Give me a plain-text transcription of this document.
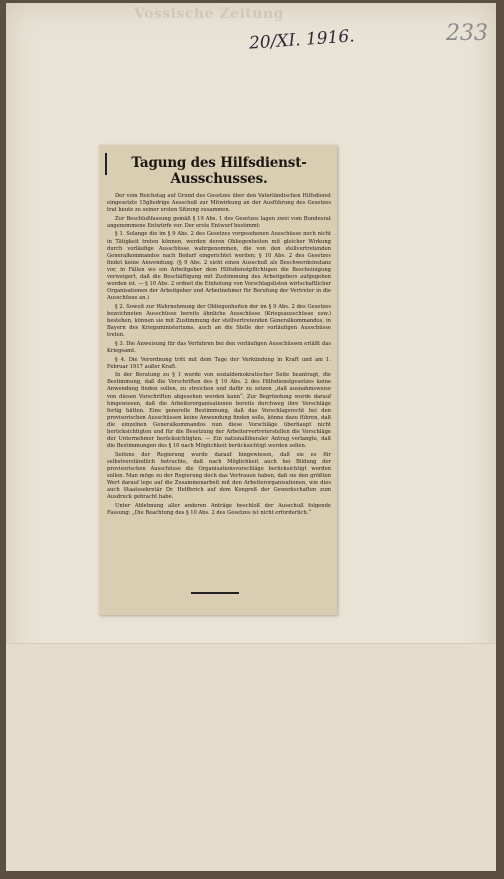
Vossische Zeitung
20/XI. 1916.	233
Tagung des Hilfsdienst-Ausschusses.

Der vom Reichstag auf Grund des Gesetzes über den Vaterländischen Hilfsdienst eingesetzte 15gliedrige Ausschuß zur Mitwirkung an der Ausführung des Gesetzes trat heute zu seiner ersten Sitzung zusammen.

Zur Beschlußfassung gemäß § 19 Abs. 1 des Gesetzes lagen zwei vom Bundesrat angenommene Entwürfe vor. Der erste Entwurf bestimmt:

§ 1. Solange die im § 9 Abs. 2 des Gesetzes vorgesehenen Ausschüsse noch nicht in Tätigkeit treten können, werden deren Obliegenheiten mit gleicher Wirkung durch vorläufige Ausschüsse wahrgenommen, die von den stellvertretenden Generalkommandos nach Bedarf eingerichtet werden; § 10 Abs. 2 des Gesetzes findet keine Anwendung. (§ 9 Abs. 2 sieht einen Ausschuß als Beschwerdeinstanz vor, in Fällen wo ein Arbeitgeber dem Hilfsdienstpflichtigen die Bescheinigung verweigert, daß die Beschäftigung mit Zustimmung des Arbeitgebers aufgegeben worden ist. — § 10 Abs. 2 ordnet die Einholung von Vorschlagslisten wirtschaftlicher Organisationen der Arbeitgeber und Arbeitnehmer für Berufung der Vertreter in die Ausschüsse an.)

§ 2. Soweit zur Wahrnehmung der Obliegenheiten der im § 9 Abs. 2 des Gesetzes bezeichneten Ausschüsse bereits ähnliche Ausschüsse (Kriegsausschüsse usw.) bestehen, können sie mit Zustimmung der stellvertretenden Generalkommandos, in Bayern des Kriegsministeriums, auch an die Stelle der vorläufigen Ausschüsse treten.

§ 3. Die Anweisung für das Verfahren bei den vorläufigen Ausschüssen erläßt das Kriegsamt.

§ 4. Die Verordnung tritt mit dem Tage der Verkündung in Kraft und am 1. Februar 1917 außer Kraft.

In der Beratung zu § 1 wurde von sozialdemokratischer Seite beantragt, die Bestimmung, daß die Vorschriften des § 10 Abs. 2 des Hilfsdienstgesetzes keine Anwendung finden sollen, zu streichen und dafür zu setzen „daß ausnahmsweise von diesen Vorschriften abgesehen werden kann“. Zur Begründung wurde darauf hingewiesen, daß die Arbeiterorganisationen bereits durchweg ihre Vorschläge fertig hätten. Eine generelle Bestimmung, daß das Vorschlagsrecht bei den provisorischen Ausschüssen keine Anwendung finden solle, könne dazu führen, daß die einzelnen Generalkommandos nun diese Vorschläge überhaupt nicht berücksichtigten und für die Besetzung der Arbeitervertreterstellen die Vorschläge der Unternehmer berücksichtigten. — Ein nationalliberaler Antrag verlangte, daß die Bestimmungen des § 10 nach Möglichkeit berücksichtigt werden sollen.

Seitens der Regierung wurde darauf hingewiesen, daß sie es für selbstverständlich betrachte, daß nach Möglichkeit auch bei Bildung der provisorischen Ausschüsse die Organisationsvorschläge berücksichtigt werden sollen. Man möge zu der Regierung doch das Vertrauen haben, daß sie den größten Wert darauf lege auf die Zusammenarbeit mit den Arbeiterorganisationen, wie dies auch Staatssekretär Dr. Helfferich auf dem Kongreß der Gewerkschaften zum Ausdruck gebracht habe.

Unter Ablehnung aller anderen Anträge beschloß der Ausschuß folgende Fassung: „Die Beachtung des § 10 Abs. 2 des Gesetzes ist nicht erforderlich.“
